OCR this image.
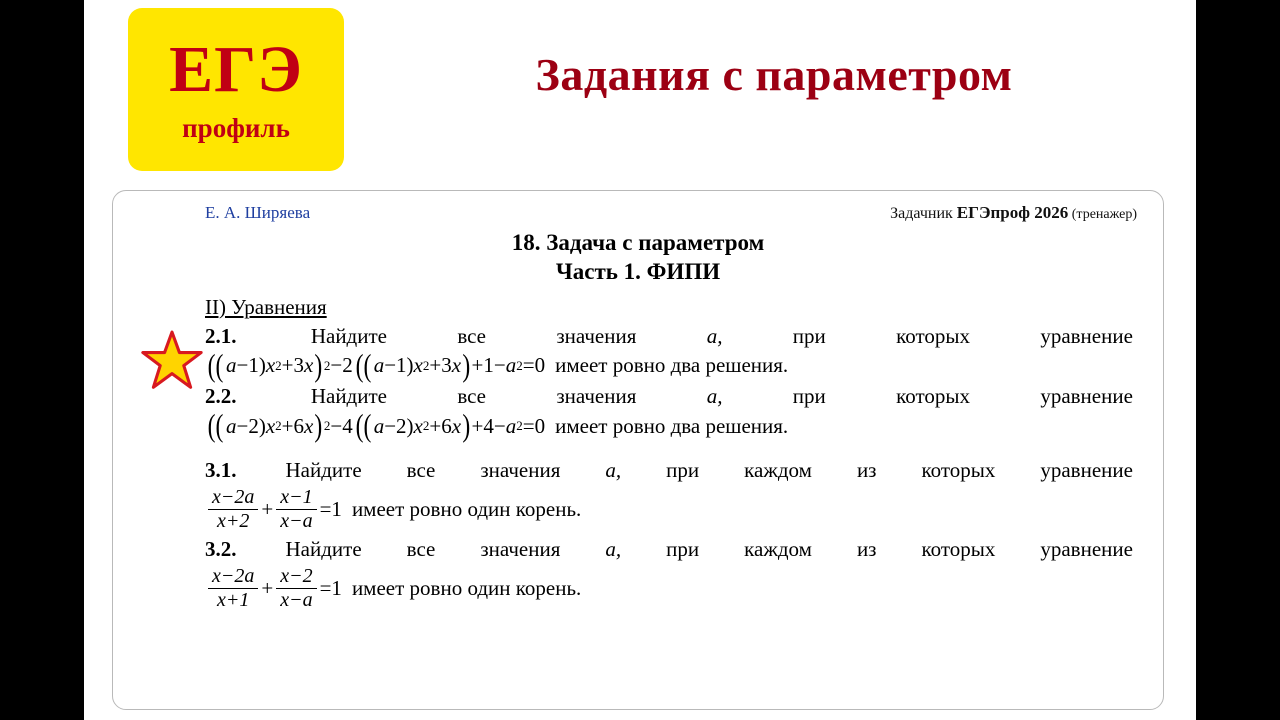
ЕГЭ
профиль
Задания с параметром
Е. А. Ширяева	Задачник ЕГЭпроф 2026 (тренажер)
18. Задача с параметром
Часть 1. ФИПИ
II) Уравнения
2.1.	Найдите	все	значения	a,	при	которых	уравнение
(( a −1 ) x 2 +3 x ) 2 −2 (( a −1 ) x 2 +3 x ) +1− a 2 =0 имеет ровно два решения.
2.2.	Найдите	все	значения	a,	при	которых	уравнение
(( a −2 ) x 2 +6 x ) 2 −4 (( a −2 ) x 2 +6 x ) +4− a 2 =0 имеет ровно два решения.
3.1. Найдите все значения a, при каждом из которых уравнение
$\frac{x-2a}{x+2} + \frac{x-1}{x-a} =1$ имеет ровно один корень.
3.2. Найдите все значения a, при каждом из которых уравнение
$\frac{x-2a}{x+1} + \frac{x-2}{x-a} =1$ имеет ровно один корень.
